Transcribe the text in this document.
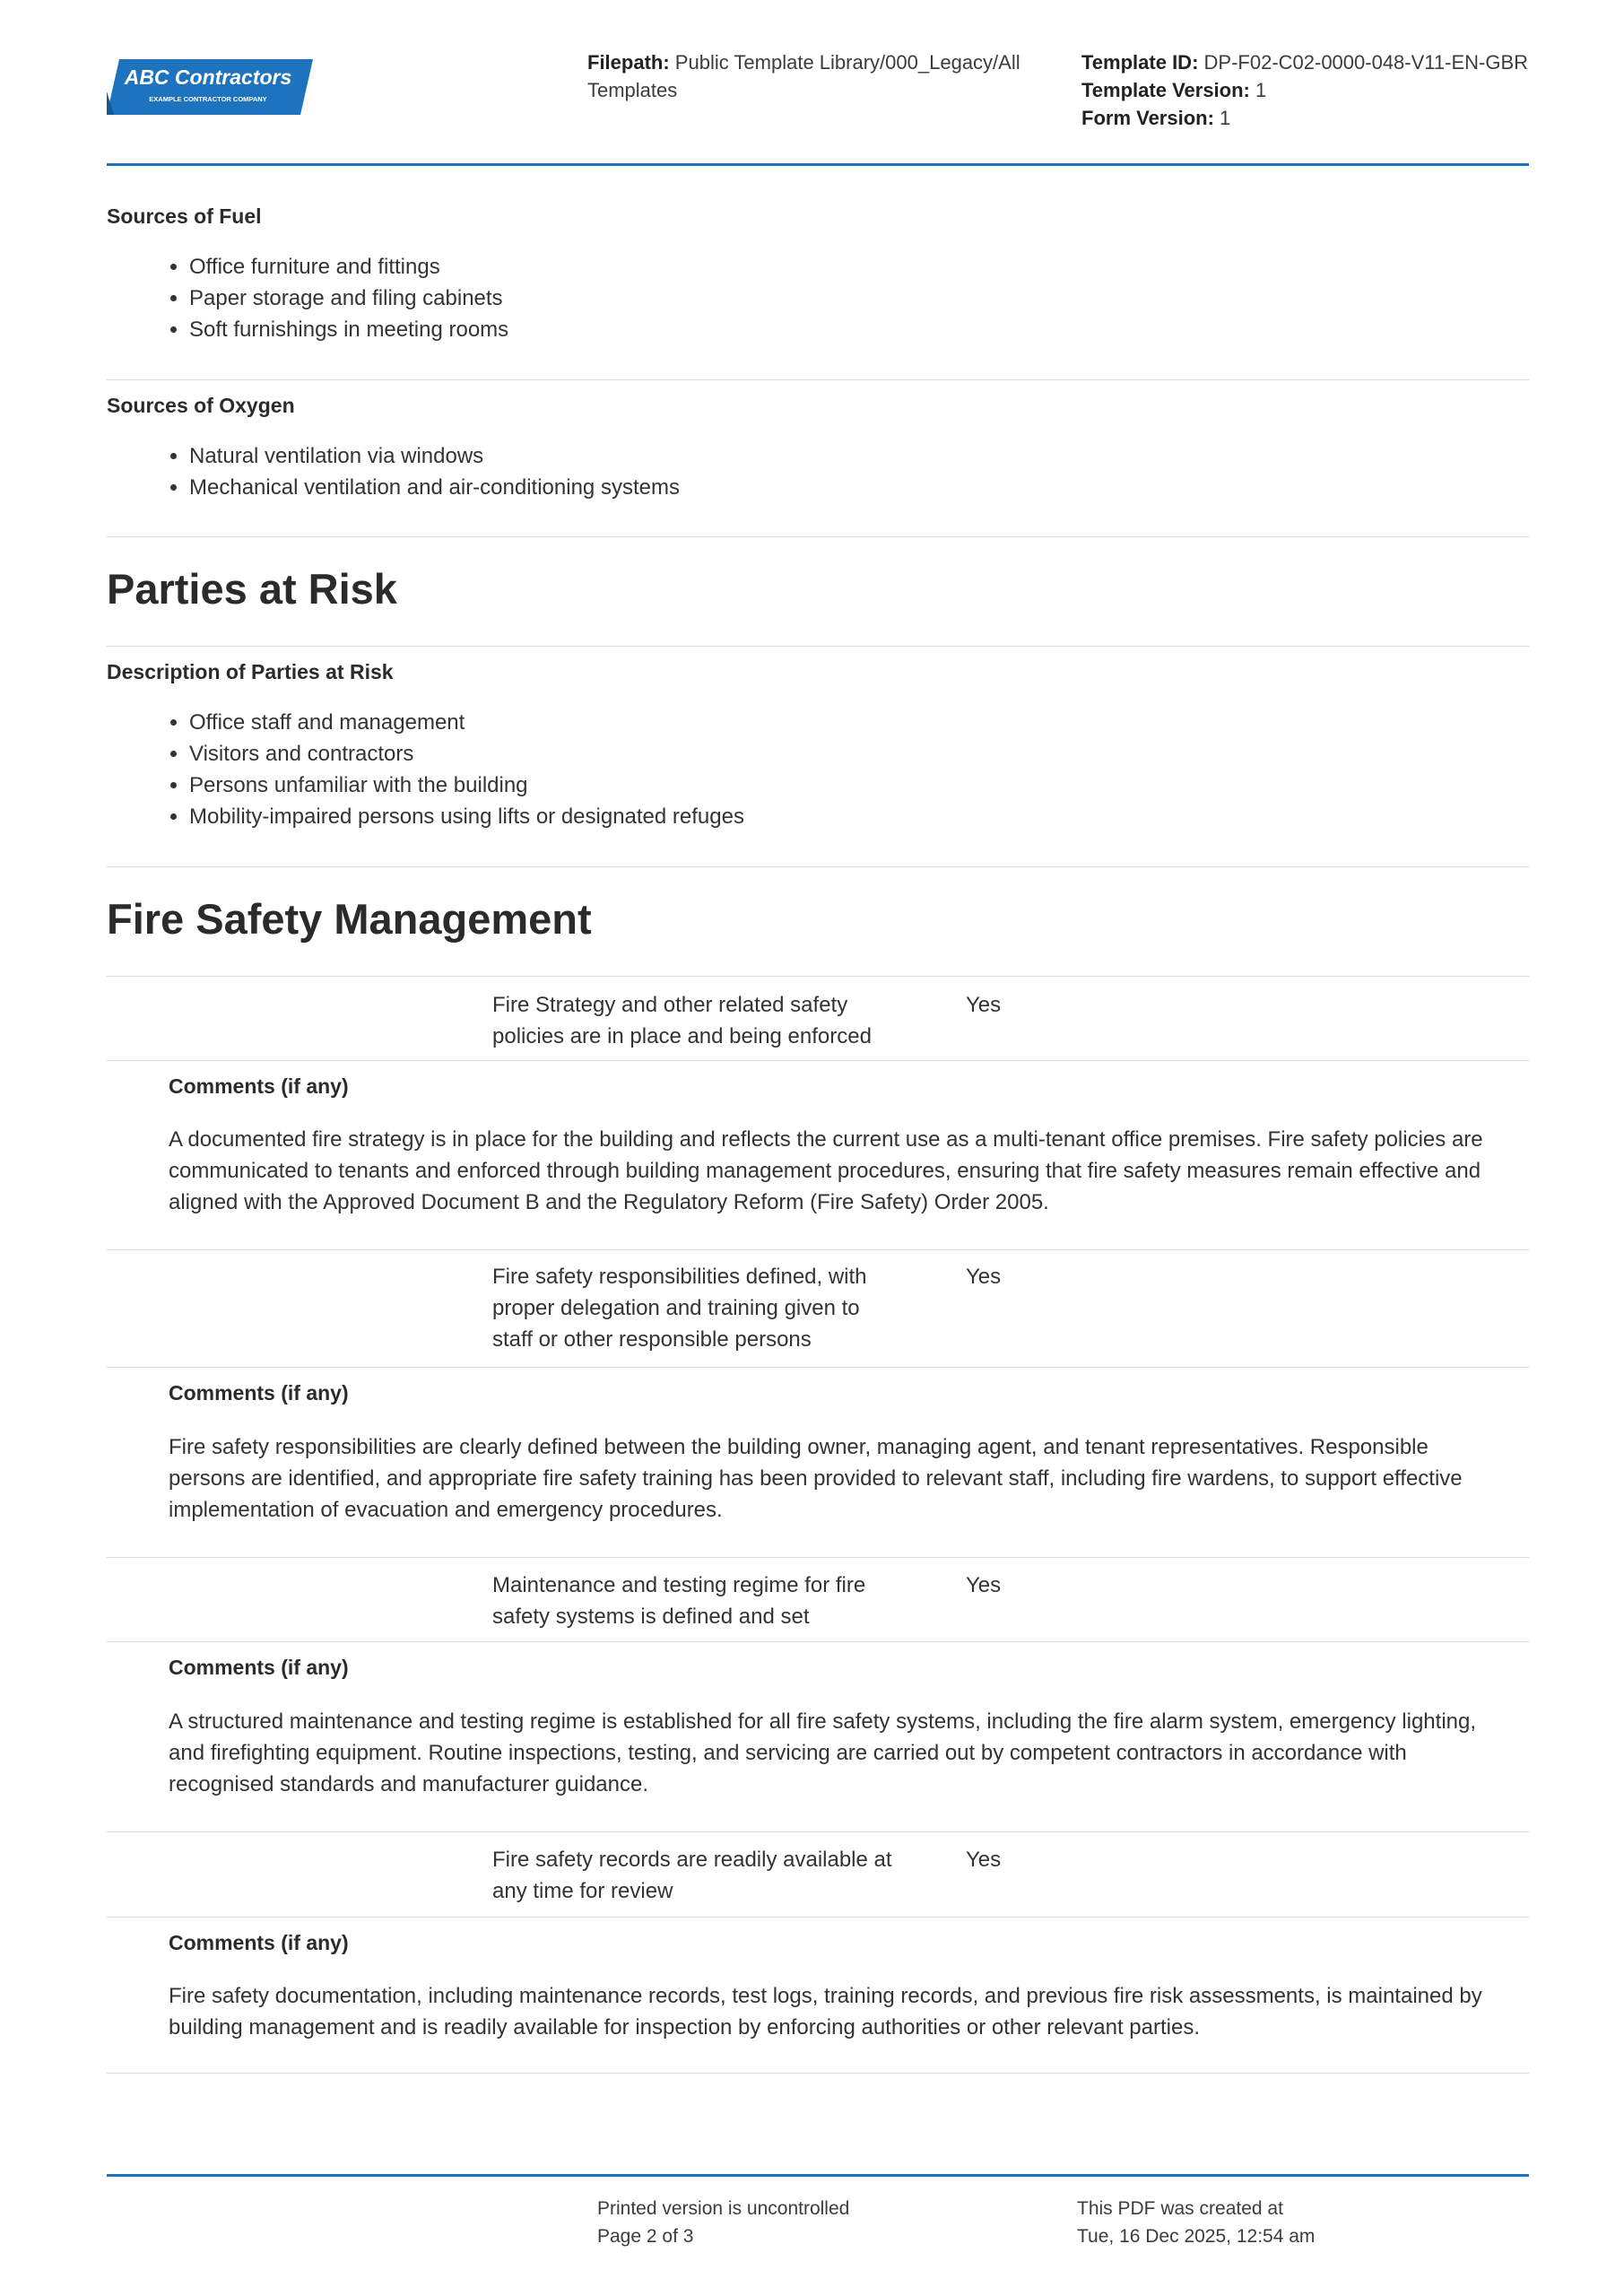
ABC Contractors
EXAMPLE CONTRACTOR COMPANY
Filepath: Public Template Library/000_Legacy/All Templates
Template ID: DP-F02-C02-0000-048-V11-EN-GBR
Template Version: 1
Form Version: 1
Sources of Fuel
• Office furniture and fittings
• Paper storage and filing cabinets
• Soft furnishings in meeting rooms
Sources of Oxygen
• Natural ventilation via windows
• Mechanical ventilation and air-conditioning systems
Parties at Risk
Description of Parties at Risk
• Office staff and management
• Visitors and contractors
• Persons unfamiliar with the building
• Mobility-impaired persons using lifts or designated refuges
Fire Safety Management
Fire Strategy and other related safety policies are in place and being enforced
Yes
Comments (if any)
A documented fire strategy is in place for the building and reflects the current use as a multi-tenant office premises. Fire safety policies are communicated to tenants and enforced through building management procedures, ensuring that fire safety measures remain effective and aligned with the Approved Document B and the Regulatory Reform (Fire Safety) Order 2005.
Fire safety responsibilities defined, with proper delegation and training given to staff or other responsible persons
Yes
Comments (if any)
Fire safety responsibilities are clearly defined between the building owner, managing agent, and tenant representatives. Responsible persons are identified, and appropriate fire safety training has been provided to relevant staff, including fire wardens, to support effective implementation of evacuation and emergency procedures.
Maintenance and testing regime for fire safety systems is defined and set
Yes
Comments (if any)
A structured maintenance and testing regime is established for all fire safety systems, including the fire alarm system, emergency lighting, and firefighting equipment. Routine inspections, testing, and servicing are carried out by competent contractors in accordance with recognised standards and manufacturer guidance.
Fire safety records are readily available at any time for review
Yes
Comments (if any)
Fire safety documentation, including maintenance records, test logs, training records, and previous fire risk assessments, is maintained by building management and is readily available for inspection by enforcing authorities or other relevant parties.
Printed version is uncontrolled
Page 2 of 3
This PDF was created at
Tue, 16 Dec 2025, 12:54 am
